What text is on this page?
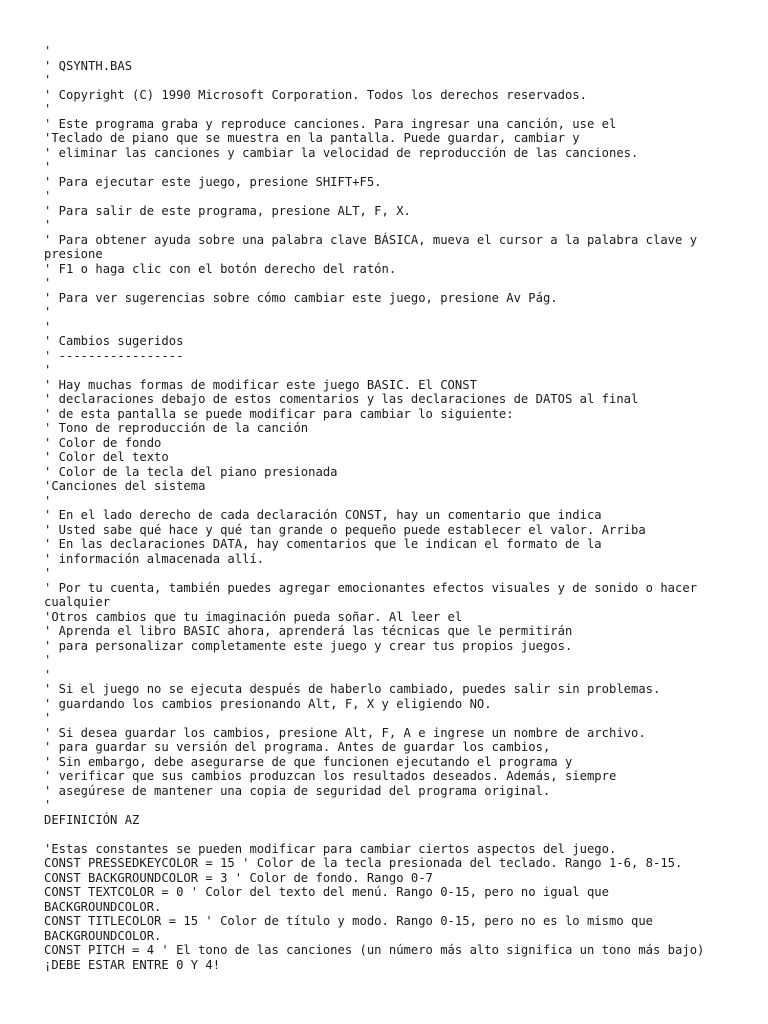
'
' QSYNTH.BAS
'
' Copyright (C) 1990 Microsoft Corporation. Todos los derechos reservados.
'
' Este programa graba y reproduce canciones. Para ingresar una canción, use el
'Teclado de piano que se muestra en la pantalla. Puede guardar, cambiar y
' eliminar las canciones y cambiar la velocidad de reproducción de las canciones.
'
' Para ejecutar este juego, presione SHIFT+F5.
'
' Para salir de este programa, presione ALT, F, X.
'
' Para obtener ayuda sobre una palabra clave BÁSICA, mueva el cursor a la palabra clave y
presione
' F1 o haga clic con el botón derecho del ratón.
'
' Para ver sugerencias sobre cómo cambiar este juego, presione Av Pág.
'
'
' Cambios sugeridos
' -----------------
'
' Hay muchas formas de modificar este juego BASIC. El CONST
' declaraciones debajo de estos comentarios y las declaraciones de DATOS al final
' de esta pantalla se puede modificar para cambiar lo siguiente:
' Tono de reproducción de la canción
' Color de fondo
' Color del texto
' Color de la tecla del piano presionada
'Canciones del sistema
'
' En el lado derecho de cada declaración CONST, hay un comentario que indica
' Usted sabe qué hace y qué tan grande o pequeño puede establecer el valor. Arriba
' En las declaraciones DATA, hay comentarios que le indican el formato de la
' información almacenada allí.
'
' Por tu cuenta, también puedes agregar emocionantes efectos visuales y de sonido o hacer
cualquier
'Otros cambios que tu imaginación pueda soñar. Al leer el
' Aprenda el libro BASIC ahora, aprenderá las técnicas que le permitirán
' para personalizar completamente este juego y crear tus propios juegos.
'
'
' Si el juego no se ejecuta después de haberlo cambiado, puedes salir sin problemas.
' guardando los cambios presionando Alt, F, X y eligiendo NO.
'
' Si desea guardar los cambios, presione Alt, F, A e ingrese un nombre de archivo.
' para guardar su versión del programa. Antes de guardar los cambios,
' Sin embargo, debe asegurarse de que funcionen ejecutando el programa y
' verificar que sus cambios produzcan los resultados deseados. Además, siempre
' asegúrese de mantener una copia de seguridad del programa original.
'
DEFINICIÓN AZ
'Estas constantes se pueden modificar para cambiar ciertos aspectos del juego.
CONST PRESSEDKEYCOLOR = 15 ' Color de la tecla presionada del teclado. Rango 1-6, 8-15.
CONST BACKGROUNDCOLOR = 3 ' Color de fondo. Rango 0-7
CONST TEXTCOLOR = 0 ' Color del texto del menú. Rango 0-15, pero no igual que
BACKGROUNDCOLOR.
CONST TITLECOLOR = 15 ' Color de título y modo. Rango 0-15, pero no es lo mismo que
BACKGROUNDCOLOR.
CONST PITCH = 4 ' El tono de las canciones (un número más alto significa un tono más bajo)
¡DEBE ESTAR ENTRE 0 Y 4!
